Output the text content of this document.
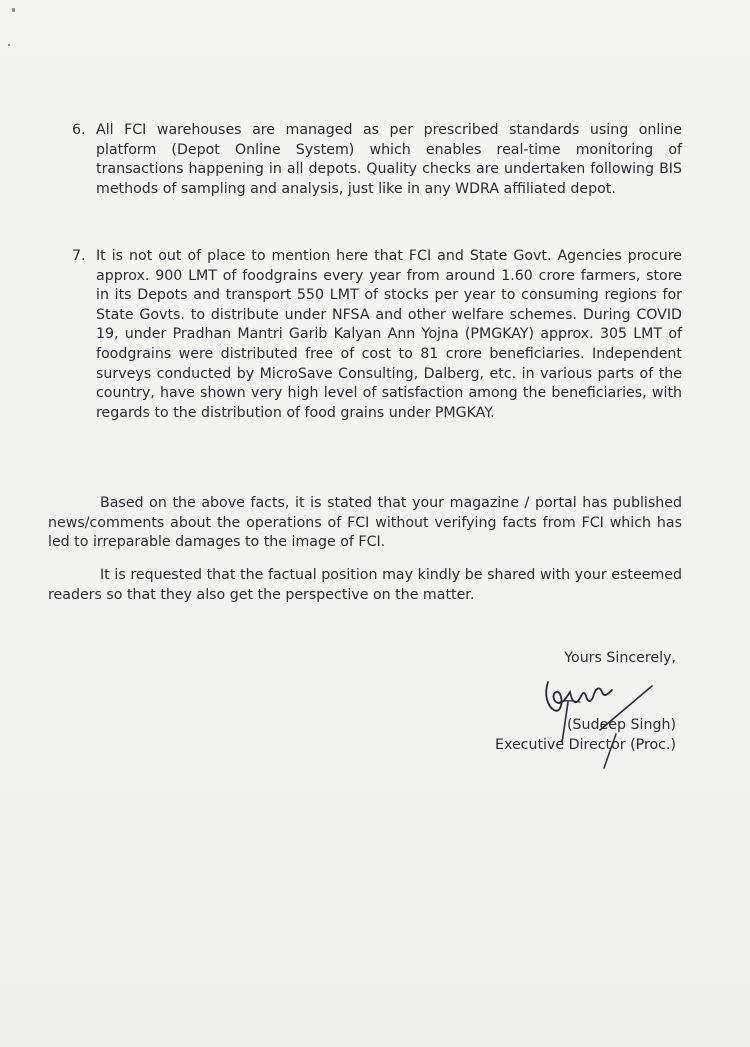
6. All FCI warehouses are managed as per prescribed standards using online platform (Depot Online System) which enables real-time monitoring of transactions happening in all depots. Quality checks are undertaken following BIS methods of sampling and analysis, just like in any WDRA affiliated depot.
7. It is not out of place to mention here that FCI and State Govt. Agencies procure approx. 900 LMT of foodgrains every year from around 1.60 crore farmers, store in its Depots and transport 550 LMT of stocks per year to consuming regions for State Govts. to distribute under NFSA and other welfare schemes. During COVID 19, under Pradhan Mantri Garib Kalyan Ann Yojna (PMGKAY) approx. 305 LMT of foodgrains were distributed free of cost to 81 crore beneficiaries. Independent surveys conducted by MicroSave Consulting, Dalberg, etc. in various parts of the country, have shown very high level of satisfaction among the beneficiaries, with regards to the distribution of food grains under PMGKAY.
Based on the above facts, it is stated that your magazine / portal has published news/comments about the operations of FCI without verifying facts from FCI which has led to irreparable damages to the image of FCI.
It is requested that the factual position may kindly be shared with your esteemed readers so that they also get the perspective on the matter.
Yours Sincerely,
(Sudeep Singh)
Executive Director (Proc.)
